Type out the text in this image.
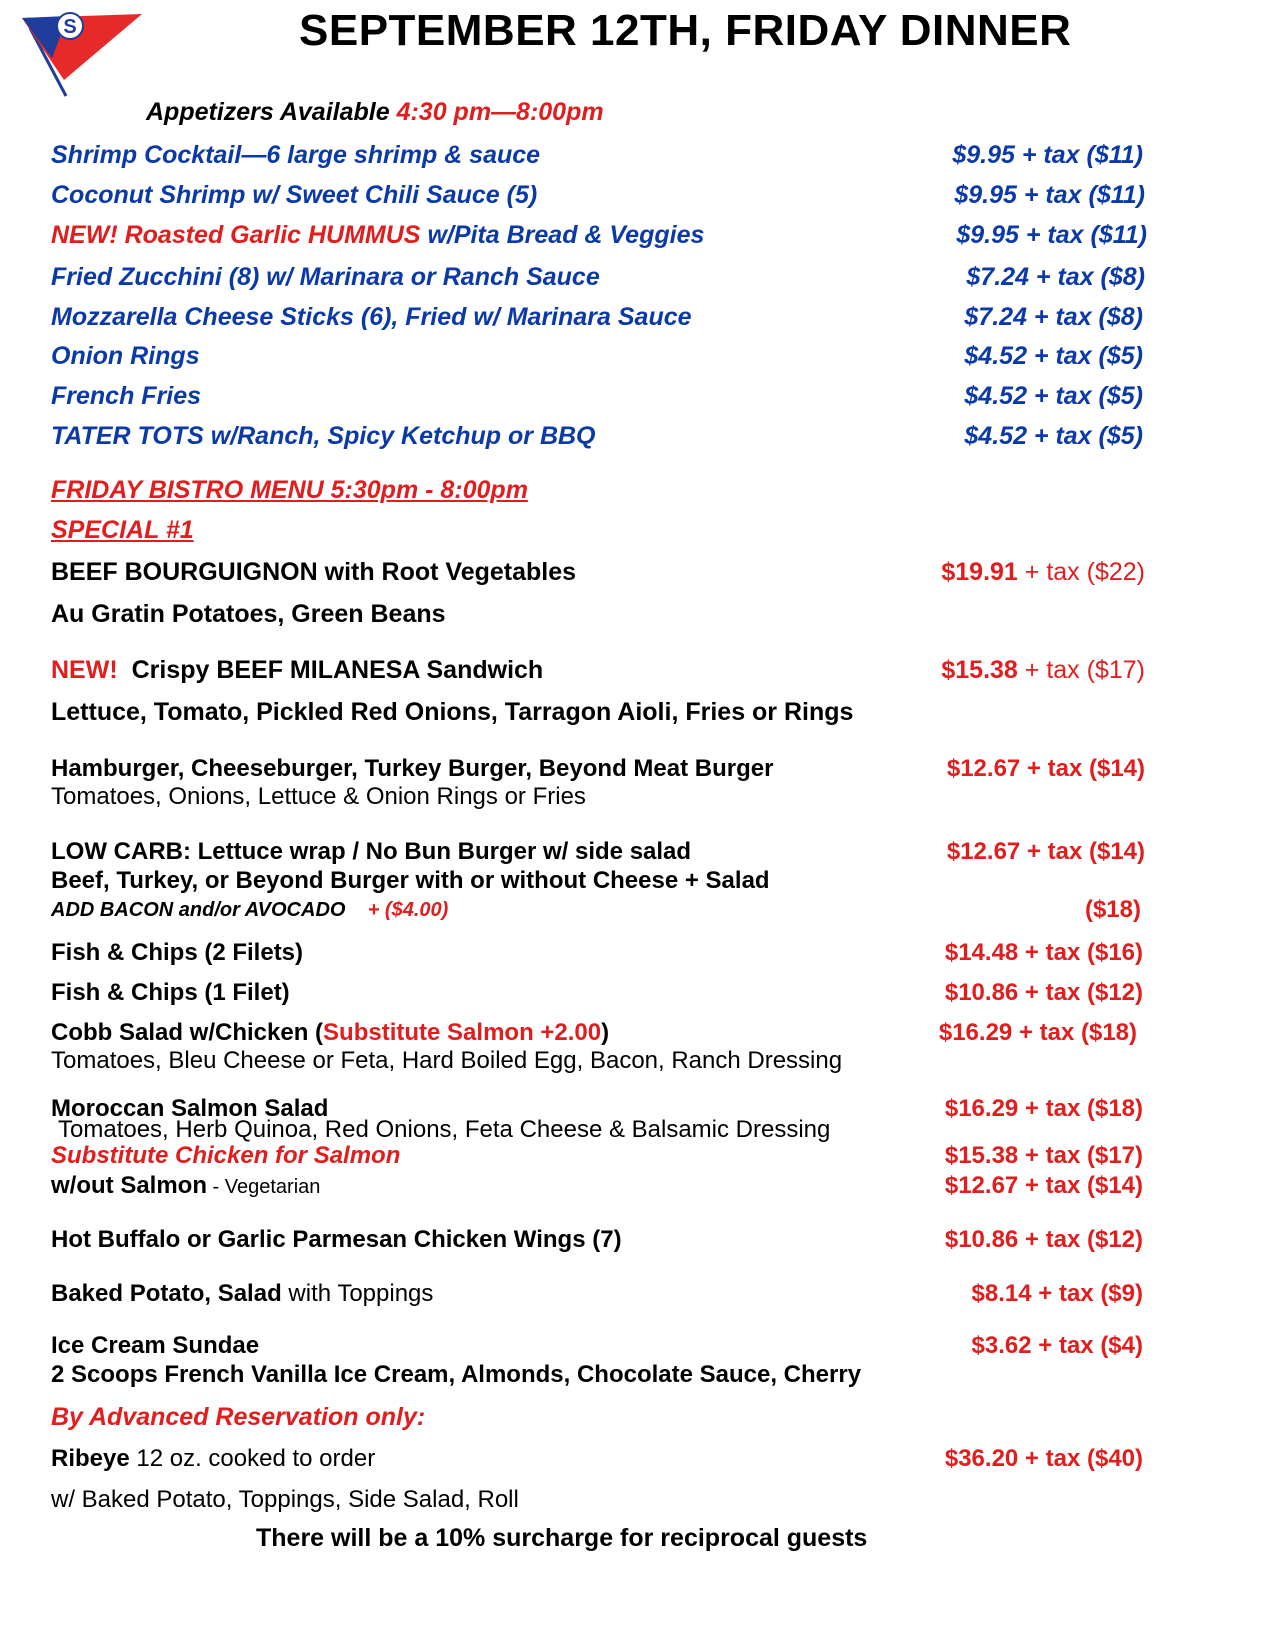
S	SEPTEMBER 12TH, FRIDAY DINNER
Appetizers Available 4:30 pm—8:00pm
Shrimp Cocktail—6 large shrimp & sauce	$9.95 + tax ($11)
Coconut Shrimp w/ Sweet Chili Sauce (5)	$9.95 + tax ($11)
NEW! Roasted Garlic HUMMUS w/Pita Bread & Veggies	$9.95 + tax ($11)
Fried Zucchini (8) w/ Marinara or Ranch Sauce	$7.24 + tax ($8)
Mozzarella Cheese Sticks (6), Fried w/ Marinara Sauce	$7.24 + tax ($8)
Onion Rings	$4.52 + tax ($5)
French Fries	$4.52 + tax ($5)
TATER TOTS w/Ranch, Spicy Ketchup or BBQ	$4.52 + tax ($5)
FRIDAY BISTRO MENU 5:30pm - 8:00pm
SPECIAL #1
BEEF BOURGUIGNON with Root Vegetables	$19.91 + tax ($22)
Au Gratin Potatoes, Green Beans
NEW! Crispy BEEF MILANESA Sandwich	$15.38 + tax ($17)
Lettuce, Tomato, Pickled Red Onions, Tarragon Aioli, Fries or Rings
Hamburger, Cheeseburger, Turkey Burger, Beyond Meat Burger	$12.67 + tax ($14)
Tomatoes, Onions, Lettuce & Onion Rings or Fries
LOW CARB: Lettuce wrap / No Bun Burger w/ side salad	$12.67 + tax ($14)
Beef, Turkey, or Beyond Burger with or without Cheese + Salad
ADD BACON and/or AVOCADO + ($4.00)	($18)
Fish & Chips (2 Filets)	$14.48 + tax ($16)
Fish & Chips (1 Filet)	$10.86 + tax ($12)
Cobb Salad w/Chicken (Substitute Salmon +2.00)	$16.29 + tax ($18)
Tomatoes, Bleu Cheese or Feta, Hard Boiled Egg, Bacon, Ranch Dressing
Moroccan Salmon Salad	$16.29 + tax ($18)
Tomatoes, Herb Quinoa, Red Onions, Feta Cheese & Balsamic Dressing
Substitute Chicken for Salmon	$15.38 + tax ($17)
w/out Salmon - Vegetarian	$12.67 + tax ($14)
Hot Buffalo or Garlic Parmesan Chicken Wings (7)	$10.86 + tax ($12)
Baked Potato, Salad with Toppings	$8.14 + tax ($9)
Ice Cream Sundae	$3.62 + tax ($4)
2 Scoops French Vanilla Ice Cream, Almonds, Chocolate Sauce, Cherry
By Advanced Reservation only:
Ribeye 12 oz. cooked to order	$36.20 + tax ($40)
w/ Baked Potato, Toppings, Side Salad, Roll
There will be a 10% surcharge for reciprocal guests
